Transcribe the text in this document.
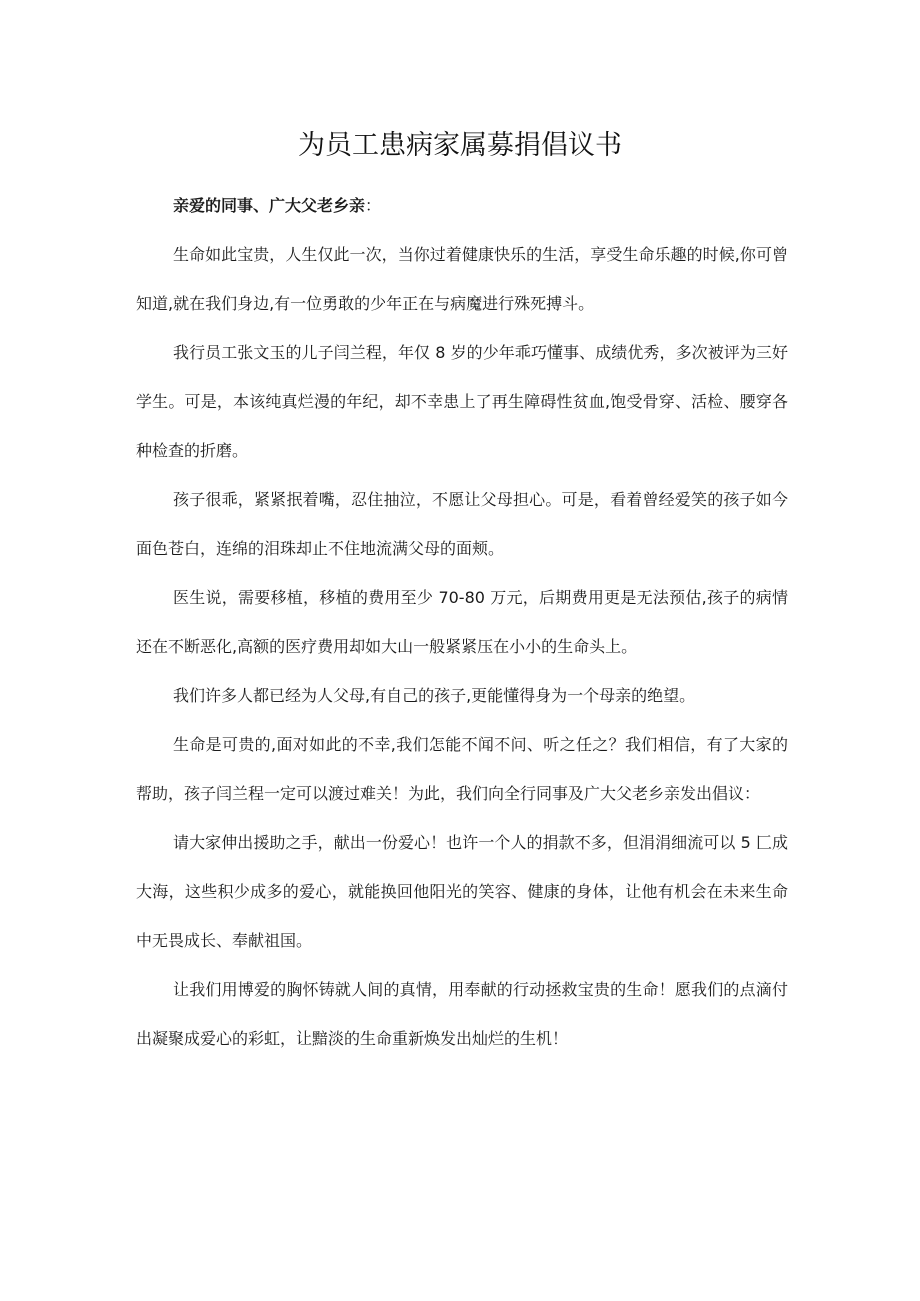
为员工患病家属募捐倡议书

亲爱的同事、广大父老乡亲：

生命如此宝贵，人生仅此一次，当你过着健康快乐的生活，享受生命乐趣的时候,你可曾知道,就在我们身边,有一位勇敢的少年正在与病魔进行殊死搏斗。

我行员工张文玉的儿子闫兰程，年仅 8 岁的少年乖巧懂事、成绩优秀，多次被评为三好学生。可是，本该纯真烂漫的年纪，却不幸患上了再生障碍性贫血,饱受骨穿、活检、腰穿各种检查的折磨。

孩子很乖，紧紧抿着嘴，忍住抽泣，不愿让父母担心。可是，看着曾经爱笑的孩子如今面色苍白，连绵的泪珠却止不住地流满父母的面颊。

医生说，需要移植，移植的费用至少 70-80 万元，后期费用更是无法预估,孩子的病情还在不断恶化,高额的医疗费用却如大山一般紧紧压在小小的生命头上。

我们许多人都已经为人父母,有自己的孩子,更能懂得身为一个母亲的绝望。

生命是可贵的,面对如此的不幸,我们怎能不闻不问、听之任之？我们相信，有了大家的帮助，孩子闫兰程一定可以渡过难关！为此，我们向全行同事及广大父老乡亲发出倡议：

请大家伸出援助之手，献出一份爱心！也许一个人的捐款不多，但涓涓细流可以 5 匚成大海，这些积少成多的爱心，就能换回他阳光的笑容、健康的身体，让他有机会在未来生命中无畏成长、奉献祖国。

让我们用博爱的胸怀铸就人间的真情，用奉献的行动拯救宝贵的生命！愿我们的点滴付出凝聚成爱心的彩虹，让黯淡的生命重新焕发出灿烂的生机！
